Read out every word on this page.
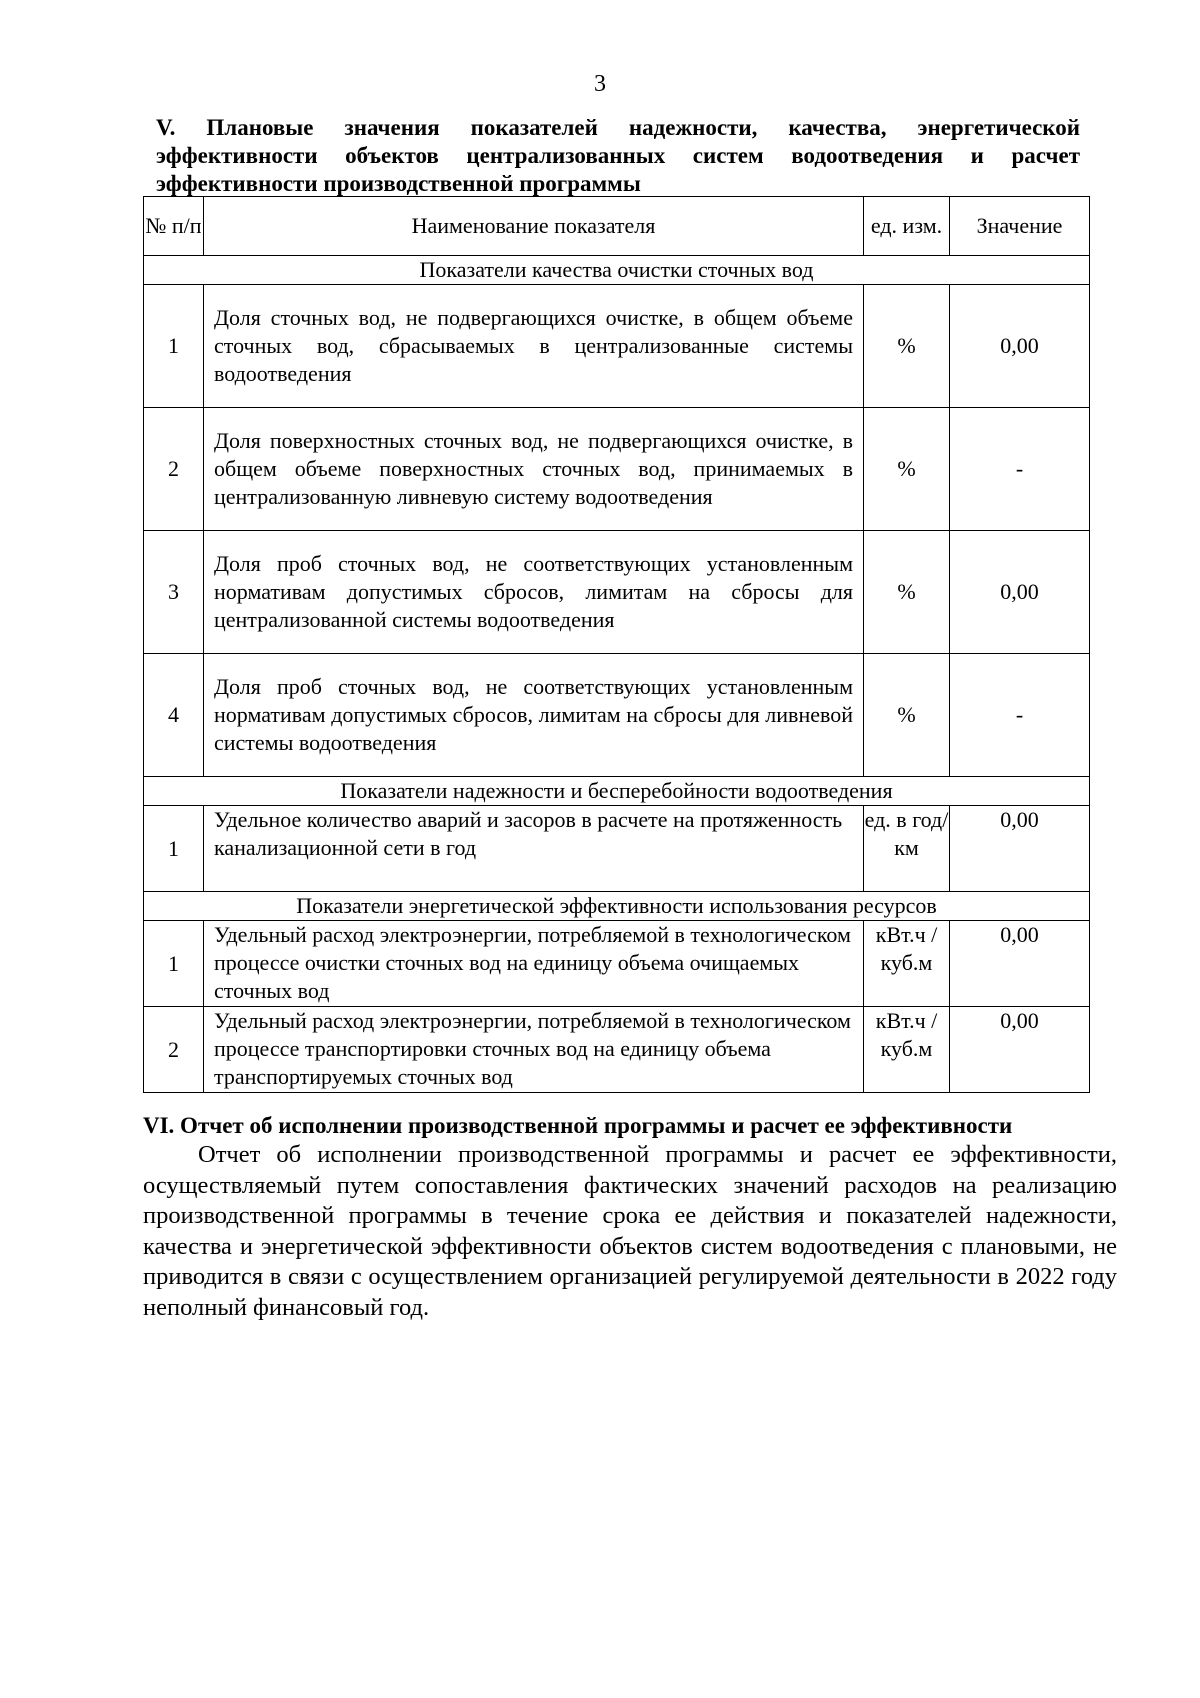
3
V. Плановые значения показателей надежности, качества, энергетической эффективности объектов централизованных систем водоотведения и расчет эффективности производственной программы
№ п/п	Наименование показателя	ед. изм.	Значение
Показатели качества очистки сточных вод			
1	Доля сточных вод, не подвергающихся очистке, в общем объеме сточных вод, сбрасываемых в централизованные системы водоотведения	%	0,00
2	Доля поверхностных сточных вод, не подвергающихся очистке, в общем объеме поверхностных сточных вод, принимаемых в централизованную ливневую систему водоотведения	%	-
3	Доля проб сточных вод, не соответствующих установленным нормативам допустимых сбросов, лимитам на сбросы для централизованной системы водоотведения	%	0,00
4	Доля проб сточных вод, не соответствующих установленным нормативам допустимых сбросов, лимитам на сбросы для ливневой системы водоотведения	%	-
Показатели надежности и бесперебойности водоотведения			
1	Удельное количество аварий и засоров в расчете на протяженность канализационной сети в год	ед. в год/ км	0,00
Показатели энергетической эффективности использования ресурсов			
1	Удельный расход электроэнергии, потребляемой в технологическом процессе очистки сточных вод на единицу объема очищаемых сточных вод	кВт.ч / куб.м	0,00
2	Удельный расход электроэнергии, потребляемой в технологическом процессе транспортировки сточных вод на единицу объема транспортируемых сточных вод	кВт.ч / куб.м	0,00
VI. Отчет об исполнении производственной программы и расчет ее эффективности

Отчет об исполнении производственной программы и расчет ее эффективности, осуществляемый путем сопоставления фактических значений расходов на реализацию производственной программы в течение срока ее действия и показателей надежности, качества и энергетической эффективности объектов систем водоотведения с плановыми, не приводится в связи с осуществлением организацией регулируемой деятельности в 2022 году неполный финансовый год.
